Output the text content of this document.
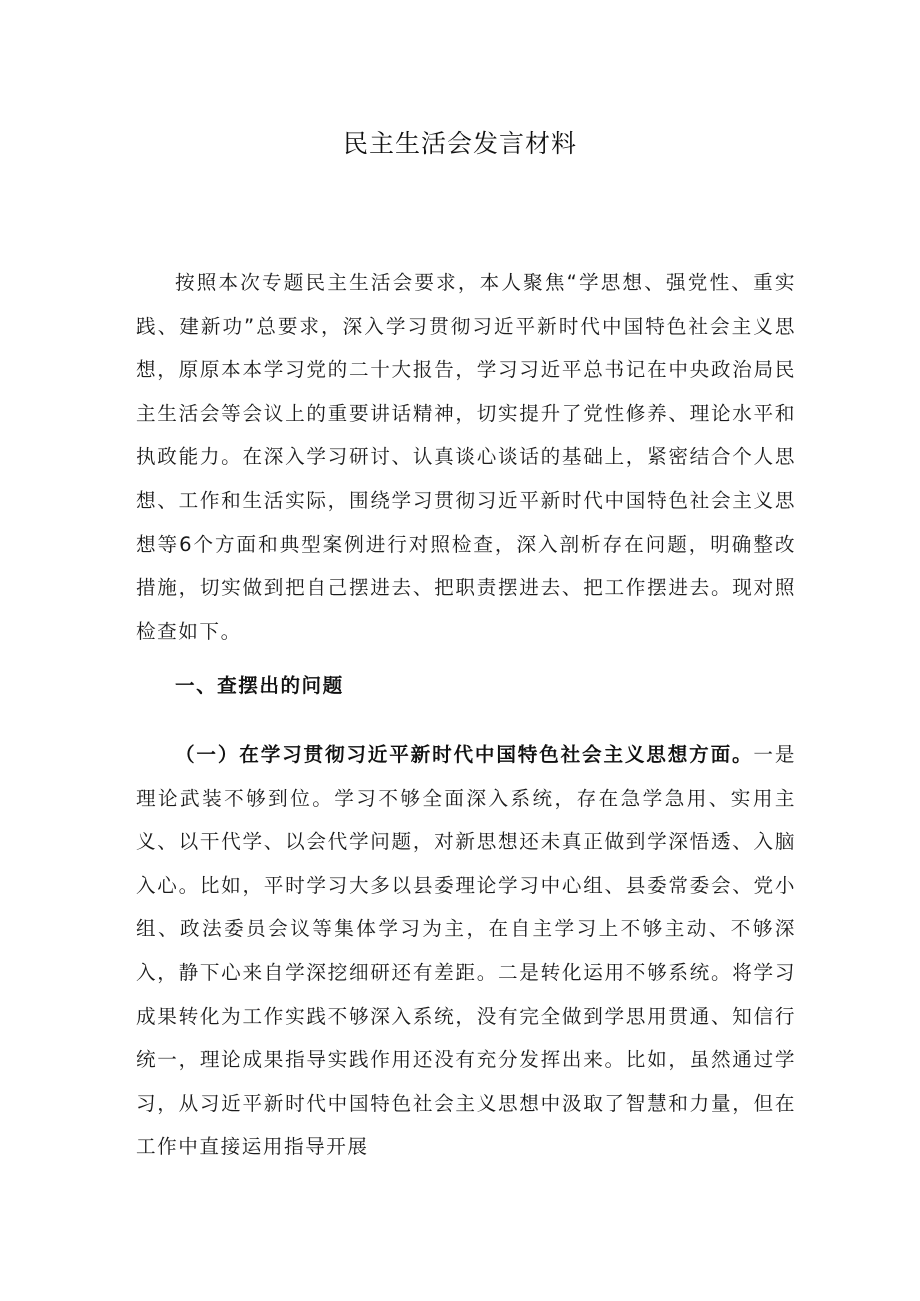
民主生活会发言材料

按照本次专题民主生活会要求，本人聚焦“学思想、强党性、重实践、建新功”总要求，深入学习贯彻习近平新时代中国特色社会主义思想，原原本本学习党的二十大报告，学习习近平总书记在中央政治局民主生活会等会议上的重要讲话精神，切实提升了党性修养、理论水平和执政能力。在深入学习研讨、认真谈心谈话的基础上，紧密结合个人思想、工作和生活实际，围绕学习贯彻习近平新时代中国特色社会主义思想等6个方面和典型案例进行对照检查，深入剖析存在问题，明确整改措施，切实做到把自己摆进去、把职责摆进去、把工作摆进去。现对照检查如下。

一、查摆出的问题

（一）在学习贯彻习近平新时代中国特色社会主义思想方面。一是理论武装不够到位。学习不够全面深入系统，存在急学急用、实用主义、以干代学、以会代学问题，对新思想还未真正做到学深悟透、入脑入心。比如，平时学习大多以县委理论学习中心组、县委常委会、党小组、政法委员会议等集体学习为主，在自主学习上不够主动、不够深入，静下心来自学深挖细研还有差距。二是转化运用不够系统。将学习成果转化为工作实践不够深入系统，没有完全做到学思用贯通、知信行统一，理论成果指导实践作用还没有充分发挥出来。比如，虽然通过学习，从习近平新时代中国特色社会主义思想中汲取了智慧和力量，但在工作中直接运用指导开展
